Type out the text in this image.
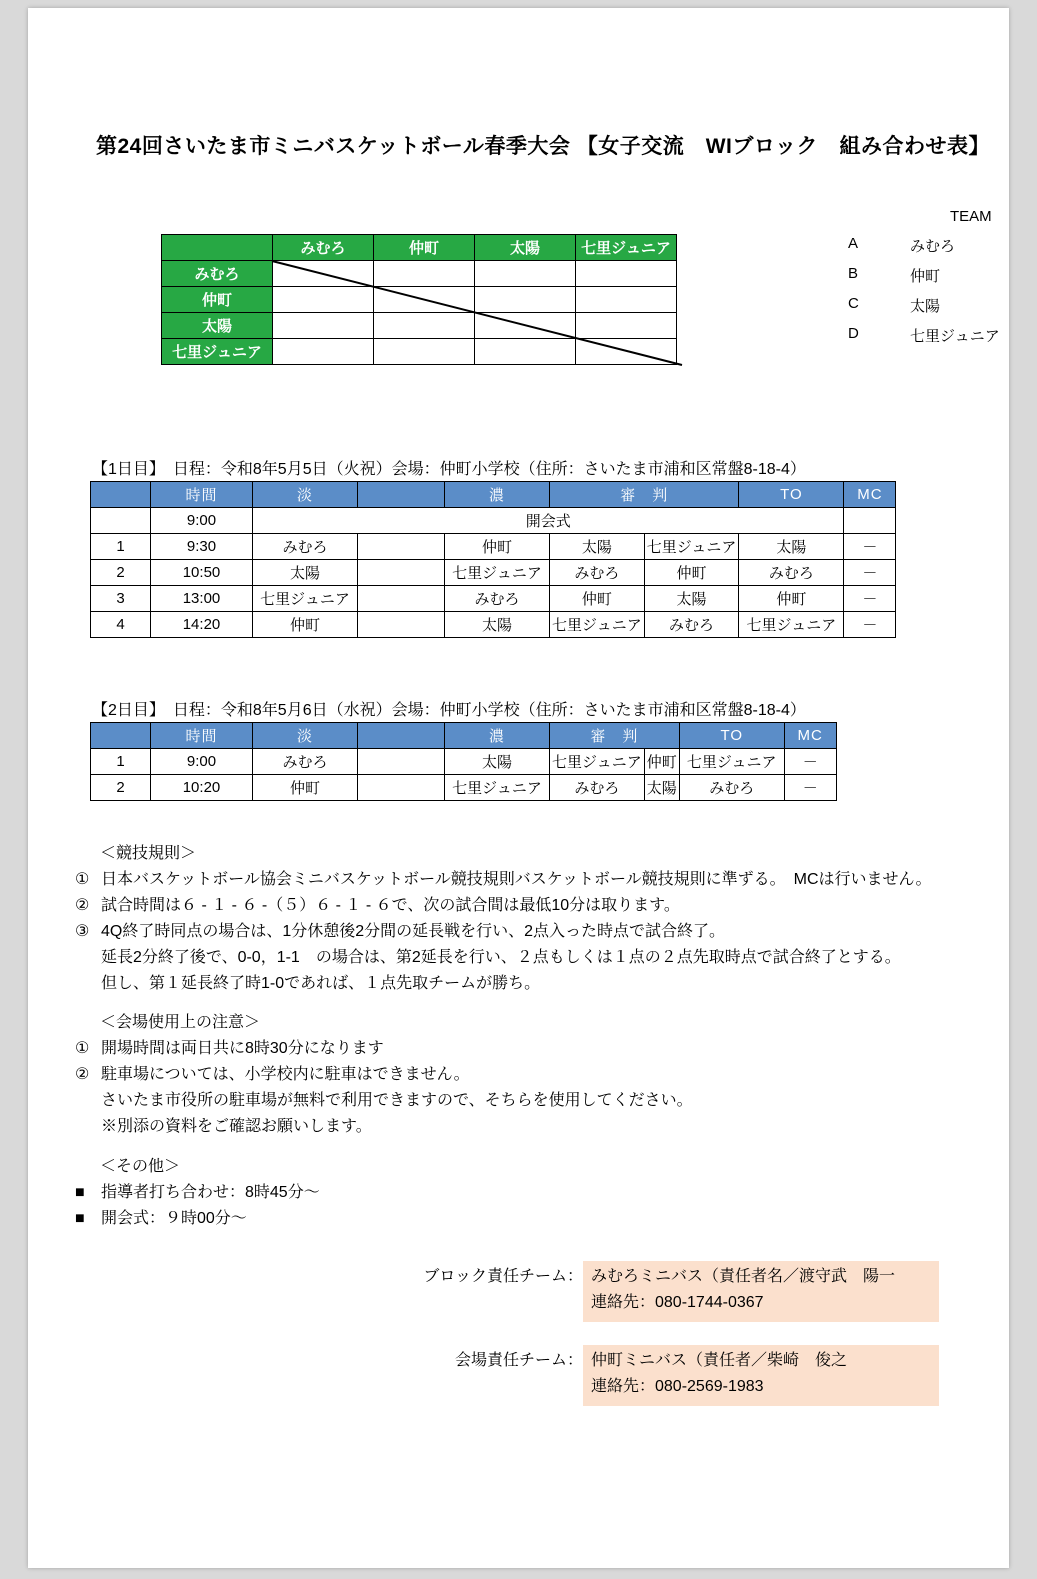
第24回さいたま市ミニバスケットボール春季大会 【女子交流　WIブロック　組み合わせ表】
	みむろ	仲町	太陽	七里ジュニア
みむろ				
仲町				
太陽				
七里ジュニア				
TEAM
A	みむろ
B	仲町
C	太陽
D	七里ジュニア
【1日目】　日程：令和8年5月5日（火祝）会場：仲町小学校（住所：さいたま市浦和区常盤8-18-4）
	時間	淡		濃	審　判		TO	MC
	9:00	開会式						
1	9:30	みむろ		仲町	太陽	七里ジュニア	太陽	－
2	10:50	太陽		七里ジュニア	みむろ	仲町	みむろ	－
3	13:00	七里ジュニア		みむろ	仲町	太陽	仲町	－
4	14:20	仲町		太陽	七里ジュニア	みむろ	七里ジュニア	－
【2日目】　日程：令和8年5月6日（水祝）会場：仲町小学校（住所：さいたま市浦和区常盤8-18-4）
	時間	淡		濃	審　判		TO	MC
1	9:00	みむろ		太陽	七里ジュニア	仲町	七里ジュニア	－
2	10:20	仲町		七里ジュニア	みむろ	太陽	みむろ	－
＜競技規則＞
① 日本バスケットボール協会ミニバスケットボール競技規則バスケットボール競技規則に準ずる。　MCは行いません。
② 試合時間は６ - １ - ６ -（５）６ - １ - ６で、次の試合間は最低10分は取ります。
③ 4Q終了時同点の場合は、1分休憩後2分間の延長戦を行い、2点入った時点で試合終了。
延長2分終了後で、0-0，1-1　の場合は、第2延長を行い、２点もしくは１点の２点先取時点で試合終了とする。
但し、第１延長終了時1-0であれば、１点先取チームが勝ち。
＜会場使用上の注意＞
① 開場時間は両日共に8時30分になります
② 駐車場については、小学校内に駐車はできません。
さいたま市役所の駐車場が無料で利用できますので、そちらを使用してください。
※別添の資料をご確認お願いします。
＜その他＞
■	指導者打ち合わせ：8時45分～
■	開会式：９時00分～
ブロック責任チーム： みむろミニバス（責任者名／渡守武　陽一
連絡先：080-1744-0367
会場責任チーム： 仲町ミニバス（責任者／柴崎　俊之
連絡先：080-2569-1983
